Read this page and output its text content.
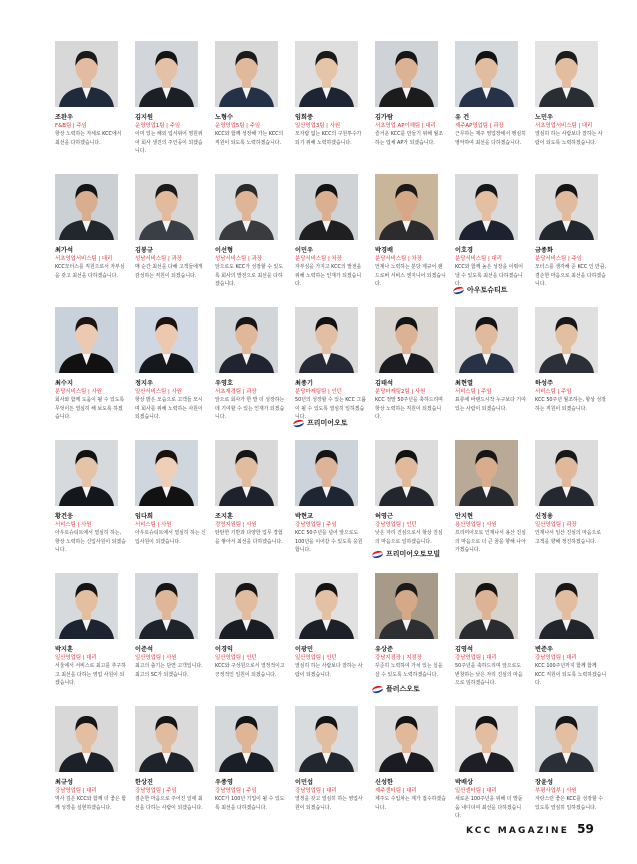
조완우
F&B팀 | 주임
항상 노력하는 자세로 KCC에서 최선을 다하겠습니다.
김지원
운영영업1팀 | 주임
이미 있는 해외 업서위어 영원위어 회사 생진의 주인공이 되겠습니다.
노형수
운영영업5팀 | 주임
KCC와 함께 성장해 가는 KCC의 직원이 되도록 노력하겠습니다.
임희중
일산영업3팀 | 사원
모자람 없는 KCC의 구원투수가 되기 위해 노력하겠습니다.
김가람
서초영업 AP이해팀 | 대리
즐거운 KCC를 만들기 위해 월조하는 업체 AP가 되겠습니다.
유 건
제주AP영업팀 | 과장
근무하는 제주 영업장에서 행심히 영악하여 최선을 다하겠습니다.
노민우
서초영업서비스팀 | 대리
열심히 하는 사람보다 잘하는 사람이 되도록 노력하겠습니다.
최가석
서초영업서비스팀 | 대리
KCC모터스를 직원으로서 자부심을 갖고 최선을 다하겠습니다.
김봉규
성남서비스팀 | 과장
매 순간 최선을 다해 고객들에게 감성하는 직원이 되겠습니다.
이선형
성남서비스팀 | 과장
앞으로도 KCC가 성장할 수 있도록 회사의 발전으로 최선을 다하겠습니다.
이민우
분당서비스팀 | 차장
자부심을 가지고 KCC의 발전을 위해 노력하는 인재가 되겠습니다.
박경배
분당서비스팀 | 차장
언제나 노력하는 분당 제규어 랜드로버 서비스 엔지니어 되겠습니다.
이호경
분당서비스팀 | 대리
KCC와 함께 높은 성장을 이뤄어 낼 수 있도록 최선을 다하겠습니다.
금종화
분당서비스팀 | 주임
모터스를 생각해 준 KCC 인 만큼, 겸손한 마음으로 최선을 다하겠습니다.
최수지
분당서비스팀 | 사원
회사와 함께 도움이 될 수 있도록 무엇이든 열심히 해 보도록 하겠습니다.
정지우
일산서비스팀 | 사원
항상 밝은 모습으로 고객들 모시며 회사를 위해 노력하는 사원이 되겠습니다.
우영호
서초재경팀 | 과장
앞으로 회사가 한 발 더 성장하는 데 기여할 수 있는 인재가 되겠습니다.
최종기
분당마케팅팀 | 인턴
50년의 성장할 수 있는 KCC 그룹이 될 수 있도록 열심히 일하겠습니다.
김태석
분당마케팅2팀 | 사원
KCC 정말 50주년을 축하드리며 항상 노력하는 직원이 되겠습니다.
최현열
서비스팀 | 주임
표류에 바랜드시작 누구보다 기여 있는 사람이 되겠습니다.
하성주
서비스팀 | 주임
KCC 50주년 월조하는, 항상 성장하는 직원이 되겠습니다.
황건웅
서비스팀 | 사원
아우토슈티트에서 열심히 하는, 항상 노력하는 신입사원이 되겠습니다.
임다희
서비스팀 | 사원
아우토슈티트에서 열심히 하는 신입사원이 되겠습니다.
조지훈
경영지원팀 | 사원
탄탄한 기반과 다양한 업무 경험을 쌓아서 최선을 다하겠습니다.
박현교
강남영업팀 | 주임
KCC 50주년을 넘어 앞으로도 100년을 이어갈 수 있도록 응원합니다.
허영근
강남영업팀 | 인턴
낮은 자리 진심으로서 항상 진심의 마음으로 일하겠습니다.
안지현
용산영업팀 | 사원
프리미어오토 인재나서 용산 진심의 마음으로 더 큰 꿈을 향해 나아가겠습니다.
신정용
일산영업팀 | 과장
인재나서 일산 진심의 마음으로 고객을 향해 정진하겠습니다.
박지훈
일산영업팀 | 대리
서울에서 서비스로 최고를 추구하고 최선을 다하는 영업 사원이 되겠습니다.
이준석
일산영업팀 | 사원
최고의 출기는 단연 고객입니다. 최고의 SC가 되겠습니다.
이경익
일산영업팀 | 인턴
KCC와 구성원으로서 열정적이고 긍정적인 일원이 되겠습니다.
이광민
일산영업팀 | 인턴
열심히 하는 사람보다 잘하는 사람이 되겠습니다.
유상준
강남지점장 | 지점장
꾸준히 노력하여 가치 있는 실을 살 수 있도록 노력하겠습니다.
김영석
강남영업팀 | 대리
50주년을 축하드리며 앞으로도 번창하는 낮은 자리 진심의 마음으로 임하겠습니다.
변준우
강남영업팀 | 대리
KCC 100주년까지 함께 함께 KCC 직원이 되도록 노력하겠습니다.
최규성
강남영업팀 | 대리
역사 깊은 KCC와 함께 더 좋은 함께 성장을 실현하겠습니다.
한상진
강남영업팀 | 주임
겸손한 마음으로 주어진 일에 최선을 다하는 사람이 되겠습니다.
우종영
강남영업팀 | 주임
KCC가 100년 기업이 될 수 있도록 최선을 다하겠습니다.
이민섭
강남영업팀 | 대리
열정을 갖고 열심히 하는 영업사원이 되겠습니다.
신성한
제주센터팀 | 대리
제주도 수입차는 제가 접수하겠습니다.
박배상
일산센터팀 | 대리
새로운 100주년을 위해 더 발돋움 내디뎌여 최선을 다하겠습니다.
장윤성
부평사업부 | 사원
자랑스런 좋은 KCC를 성장할 수 있도록 열심히 일하겠습니다.
아우토슈티트
프리미어오토
프리미어오토모빌
플러스오토
KCC MAGAZINE 59
